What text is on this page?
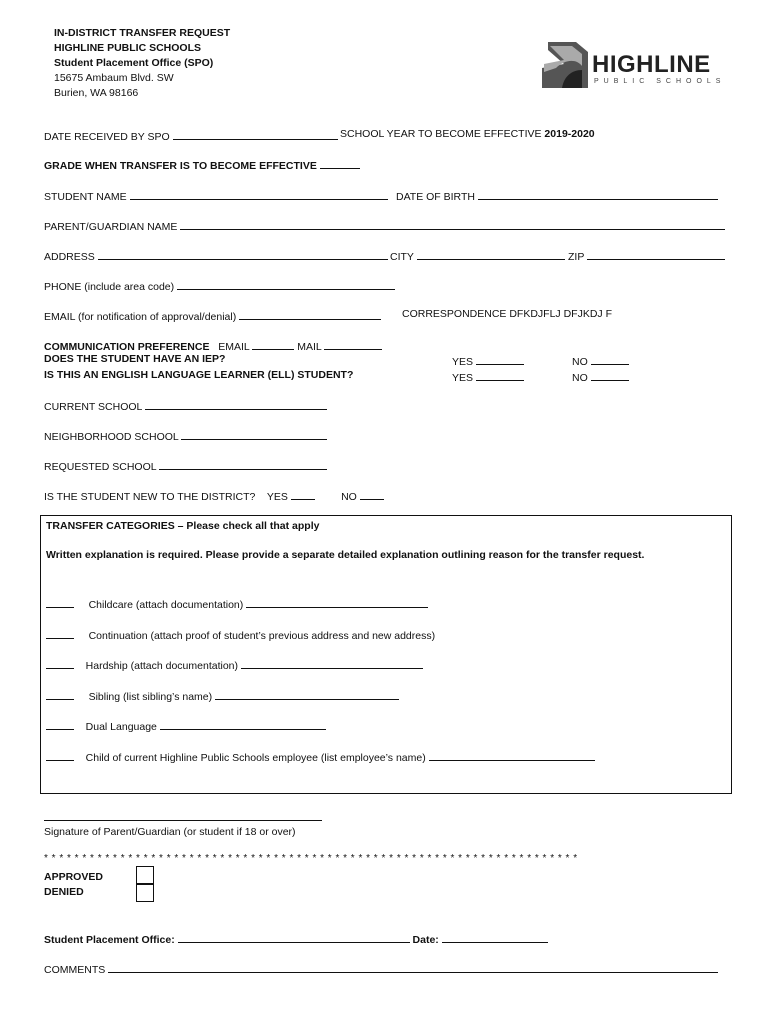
IN-DISTRICT TRANSFER REQUEST
HIGHLINE PUBLIC SCHOOLS
Student Placement Office (SPO)
15675 Ambaum Blvd. SW
Burien, WA 98166
HIGHLINE
PUBLIC SCHOOLS
DATE RECEIVED BY SPO	SCHOOL YEAR TO BECOME EFFECTIVE 2019-2020
GRADE WHEN TRANSFER IS TO BECOME EFFECTIVE
STUDENT NAME	DATE OF BIRTH
PARENT/GUARDIAN NAME
ADDRESS	CITY	ZIP
PHONE (include area code)
EMAIL (for notification of approval/denial)	CORRESPONDENCE DFKDJFLJ DFJKDJ F
COMMUNICATION PREFERENCE EMAIL	MAIL
DOES THE STUDENT HAVE AN IEP?	YES	NO
IS THIS AN ENGLISH LANGUAGE LEARNER (ELL) STUDENT?	YES	NO
CURRENT SCHOOL
NEIGHBORHOOD SCHOOL
REQUESTED SCHOOL
IS THE STUDENT NEW TO THE DISTRICT? YES	NO
TRANSFER CATEGORIES – Please check all that apply
Written explanation is required. Please provide a separate detailed explanation outlining reason for the transfer request.
Childcare (attach documentation)
Continuation (attach proof of student’s previous address and new address)
Hardship (attach documentation)
Sibling (list sibling’s name)
Dual Language
Child of current Highline Public Schools employee (list employee’s name)
Signature of Parent/Guardian (or student if 18 or over)
* * * * * * * * * * * * * * * * * * * * * * * * * * * * * * * * * * * * * * * * * * * * * * * * * * * * * * * * * * * * * * * * * * * * * *
APPROVED
DENIED
Student Placement Office:	Date:
COMMENTS
